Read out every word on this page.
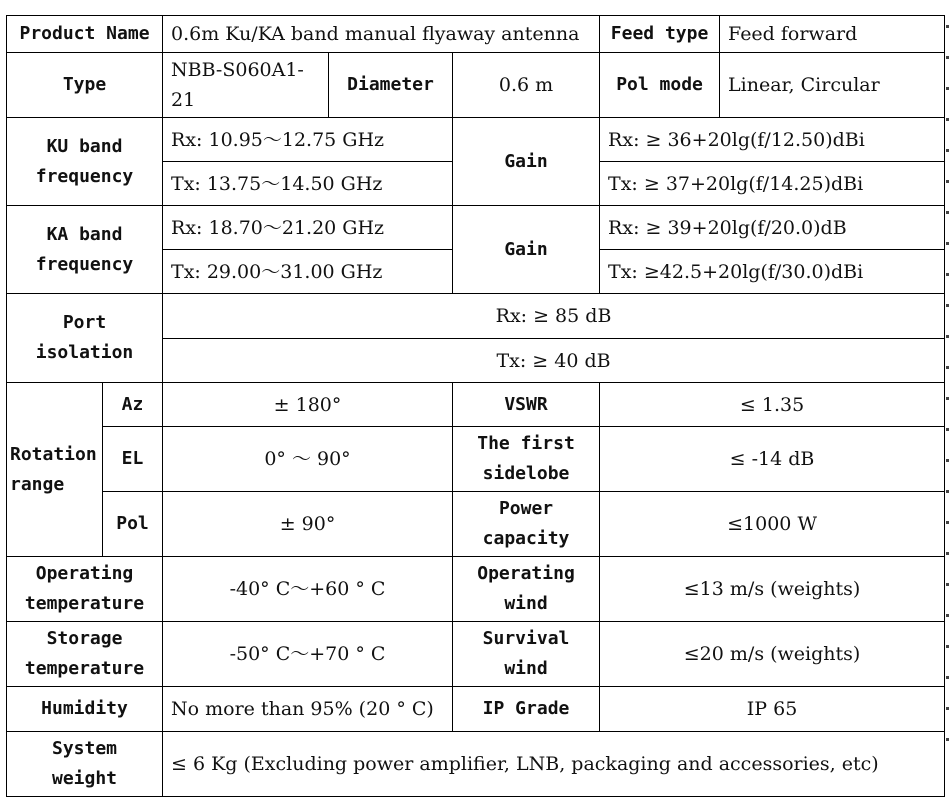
Product Name		0.6m Ku/KA band manual flyaway antenna			Feed type	Feed forward
Type		NBB-S060A1-21	Diameter	0.6 m	Pol mode	Linear, Circular
KU band frequency		Rx: 10.95～12.75 GHz		Gain	Rx: ≥ 36+20lg(f/12.50)dBi	
		Tx: 13.75～14.50 GHz			Tx: ≥ 37+20lg(f/14.25)dBi	
KA band frequency		Rx: 18.70～21.20 GHz		Gain	Rx: ≥ 39+20lg(f/20.0)dB	
		Tx: 29.00～31.00 GHz			Tx: ≥42.5+20lg(f/30.0)dBi	
Port isolation		Rx: ≥ 85 dB				
		Tx: ≥ 40 dB				
Rotation range	Az	± 180°		VSWR	≤ 1.35	
	EL	0° ～ 90°		The first sidelobe	≤ -14 dB	
	Pol	± 90°		Power capacity	≤1000 W	
Operating temperature		-40° C～+60 ° C		Operating wind	≤13 m/s (weights)	
Storage temperature		-50° C～+70 ° C		Survival wind	≤20 m/s (weights)	
Humidity		No more than 95% (20 ° C)		IP Grade	IP 65	
System weight		≤ 6 Kg (Excluding power amplifier, LNB, packaging and accessories, etc)				
